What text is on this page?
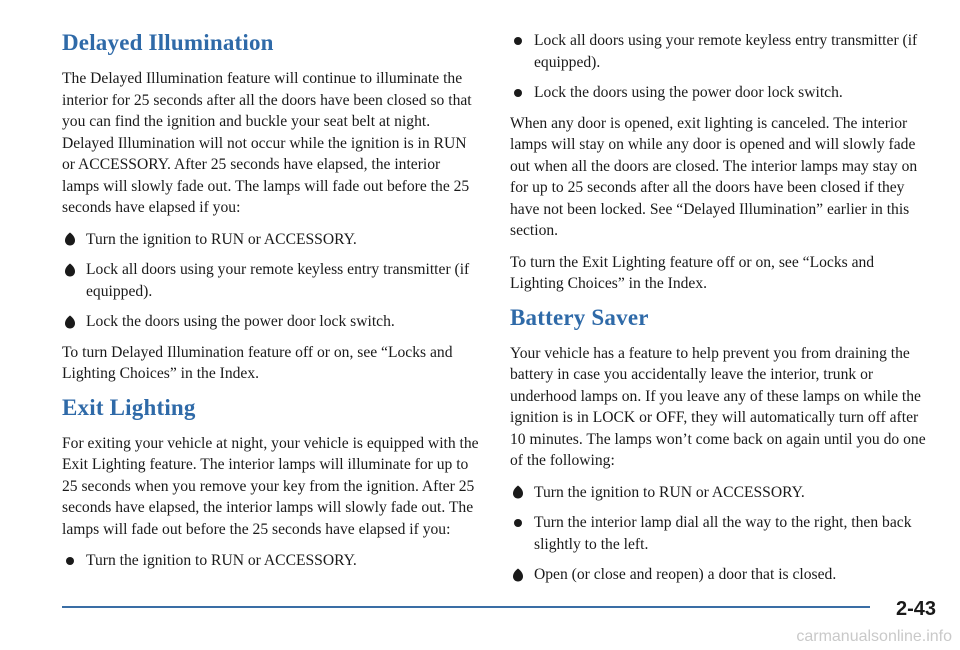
Delayed Illumination

The Delayed Illumination feature will continue to illuminate the interior for 25 seconds after all the doors have been closed so that you can find the ignition and buckle your seat belt at night. Delayed Illumination will not occur while the ignition is in RUN or ACCESSORY. After 25 seconds have elapsed, the interior lamps will slowly fade out. The lamps will fade out before the 25 seconds have elapsed if you:

Turn the ignition to RUN or ACCESSORY.
Lock all doors using your remote keyless entry transmitter (if equipped).
Lock the doors using the power door lock switch.

To turn Delayed Illumination feature off or on, see “Locks and Lighting Choices” in the Index.

Exit Lighting

For exiting your vehicle at night, your vehicle is equipped with the Exit Lighting feature. The interior lamps will illuminate for up to 25 seconds when you remove your key from the ignition. After 25 seconds have elapsed, the interior lamps will slowly fade out. The lamps will fade out before the 25 seconds have elapsed if you:

Turn the ignition to RUN or ACCESSORY.
Lock all doors using your remote keyless entry transmitter (if equipped).
Lock the doors using the power door lock switch.

When any door is opened, exit lighting is canceled. The interior lamps will stay on while any door is opened and will slowly fade out when all the doors are closed. The interior lamps may stay on for up to 25 seconds after all the doors have been closed if they have not been locked. See “Delayed Illumination” earlier in this section.

To turn the Exit Lighting feature off or on, see “Locks and Lighting Choices” in the Index.

Battery Saver

Your vehicle has a feature to help prevent you from draining the battery in case you accidentally leave the interior, trunk or underhood lamps on. If you leave any of these lamps on while the ignition is in LOCK or OFF, they will automatically turn off after 10 minutes. The lamps won’t come back on again until you do one of the following:

Turn the ignition to RUN or ACCESSORY.
Turn the interior lamp dial all the way to the right, then back slightly to the left.
Open (or close and reopen) a door that is closed.
2-43
carmanualsonline.info
